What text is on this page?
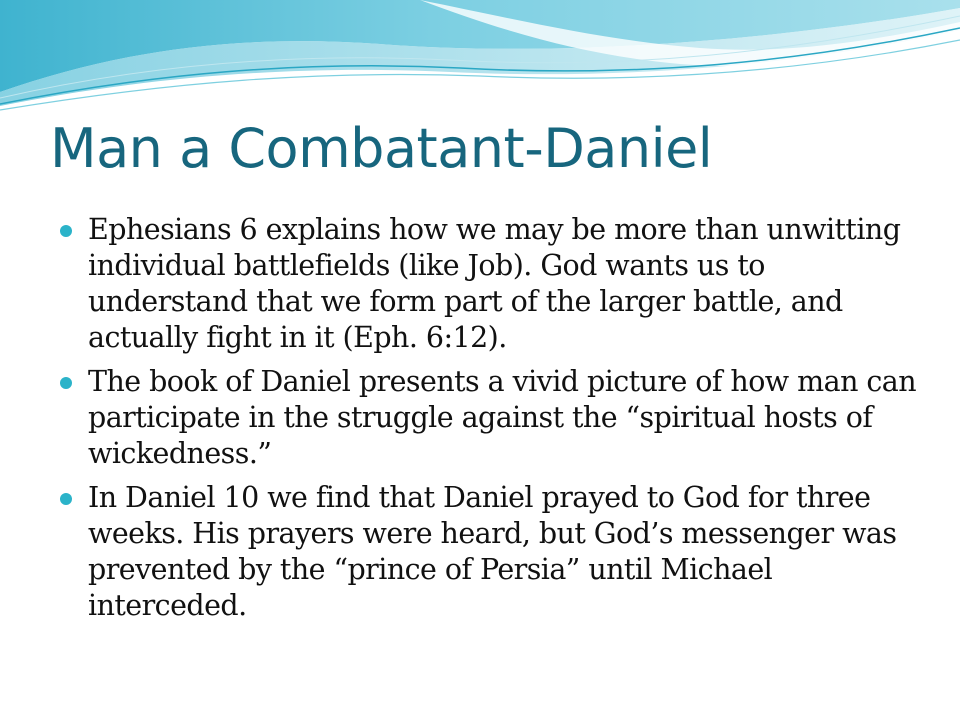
Man a Combatant-Daniel
Ephesians 6 explains how we may be more than unwitting individual battlefields (like Job). God wants us to understand that we form part of the larger battle, and actually fight in it (Eph. 6:12).
The book of Daniel presents a vivid picture of how man can participate in the struggle against the “spiritual hosts of wickedness.”
In Daniel 10 we find that Daniel prayed to God for three weeks. His prayers were heard, but God’s messenger was prevented by the “prince of Persia” until Michael interceded.
